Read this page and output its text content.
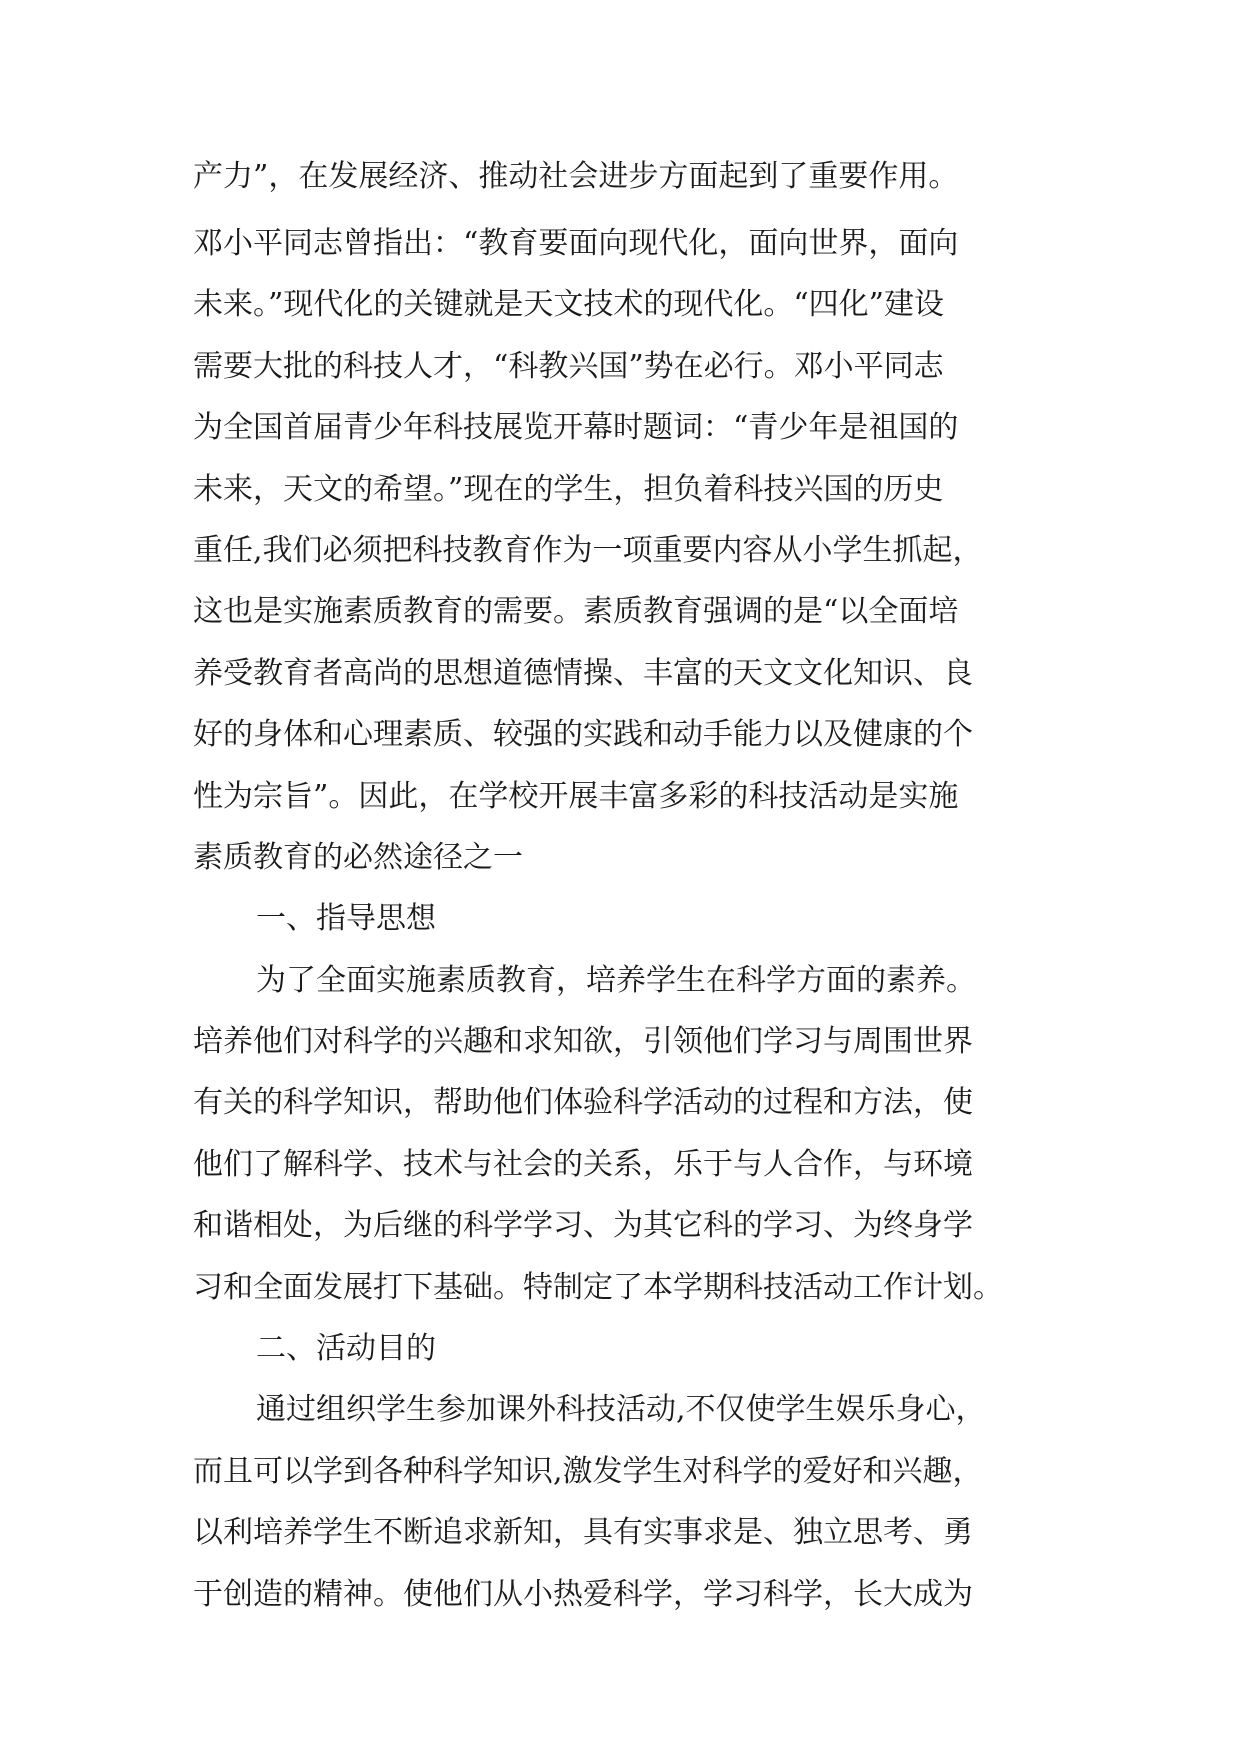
产力”，在发展经济、推动社会进步方面起到了重要作用。
邓小平同志曾指出：“教育要面向现代化，面向世界，面向
未来。”现代化的关键就是天文技术的现代化。“四化”建设
需要大批的科技人才，“科教兴国”势在必行。邓小平同志
为全国首届青少年科技展览开幕时题词：“青少年是祖国的
未来，天文的希望。”现在的学生，担负着科技兴国的历史
重任,我们必须把科技教育作为一项重要内容从小学生抓起，
这也是实施素质教育的需要。素质教育强调的是“以全面培
养受教育者高尚的思想道德情操、丰富的天文文化知识、良
好的身体和心理素质、较强的实践和动手能力以及健康的个
性为宗旨”。因此，在学校开展丰富多彩的科技活动是实施
素质教育的必然途径之一
一、指导思想
为了全面实施素质教育，培养学生在科学方面的素养。
培养他们对科学的兴趣和求知欲，引领他们学习与周围世界
有关的科学知识，帮助他们体验科学活动的过程和方法，使
他们了解科学、技术与社会的关系，乐于与人合作，与环境
和谐相处，为后继的科学学习、为其它科的学习、为终身学
习和全面发展打下基础。特制定了本学期科技活动工作计划。
二、活动目的
通过组织学生参加课外科技活动,不仅使学生娱乐身心，
而且可以学到各种科学知识,激发学生对科学的爱好和兴趣，
以利培养学生不断追求新知，具有实事求是、独立思考、勇
于创造的精神。使他们从小热爱科学，学习科学，长大成为
